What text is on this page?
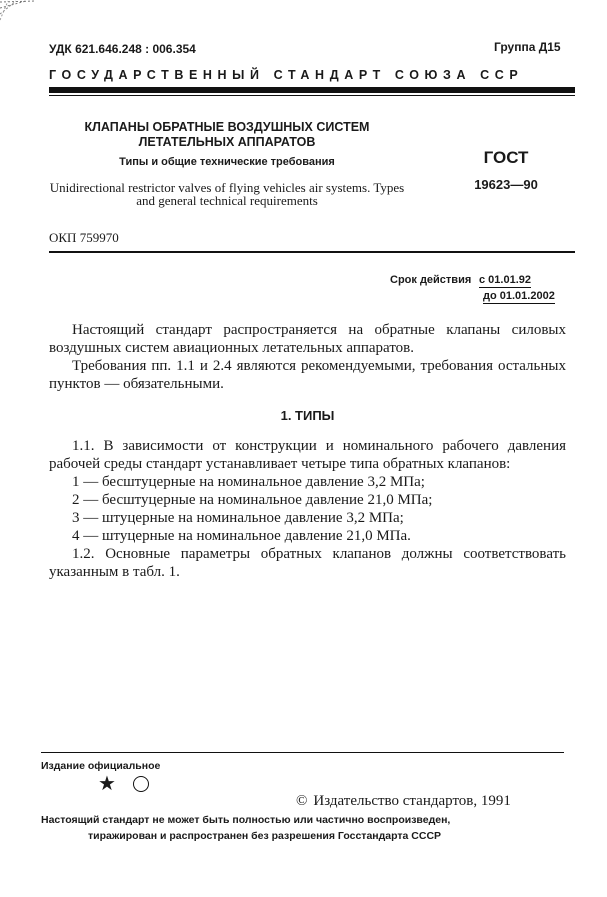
УДК 621.646.248 : 006.354	Группа Д15
ГОСУДАРСТВЕННЫЙ СТАНДАРТ СОЮЗА ССР
КЛАПАНЫ ОБРАТНЫЕ ВОЗДУШНЫХ СИСТЕМ ЛЕТАТЕЛЬНЫХ АППАРАТОВ
Типы и общие технические требования
Unidirectional restrictor valves of flying vehicles air systems. Types and general technical requirements
ОКП 759970
ГОСТ
19623—90
Срок действия с 01.01.92
до 01.01.2002

Настоящий стандарт распространяется на обратные клапаны силовых воздушных систем авиационных летательных аппаратов.

Требования пп. 1.1 и 2.4 являются рекомендуемыми, требования остальных пунктов — обязательными.

1. ТИПЫ

1.1. В зависимости от конструкции и номинального рабочего давления рабочей среды стандарт устанавливает четыре типа обратных клапанов:

1 — бесштуцерные на номинальное давление 3,2 МПа;

2 — бесштуцерные на номинальное давление 21,0 МПа;

3 — штуцерные на номинальное давление 3,2 МПа;

4 — штуцерные на номинальное давление 21,0 МПа.

1.2. Основные параметры обратных клапанов должны соответствовать указанным в табл. 1.

Издание официальное
★
© Издательство стандартов, 1991
Настоящий стандарт не может быть полностью или частично воспроизведен,
тиражирован и распространен без разрешения Госстандарта СССР
